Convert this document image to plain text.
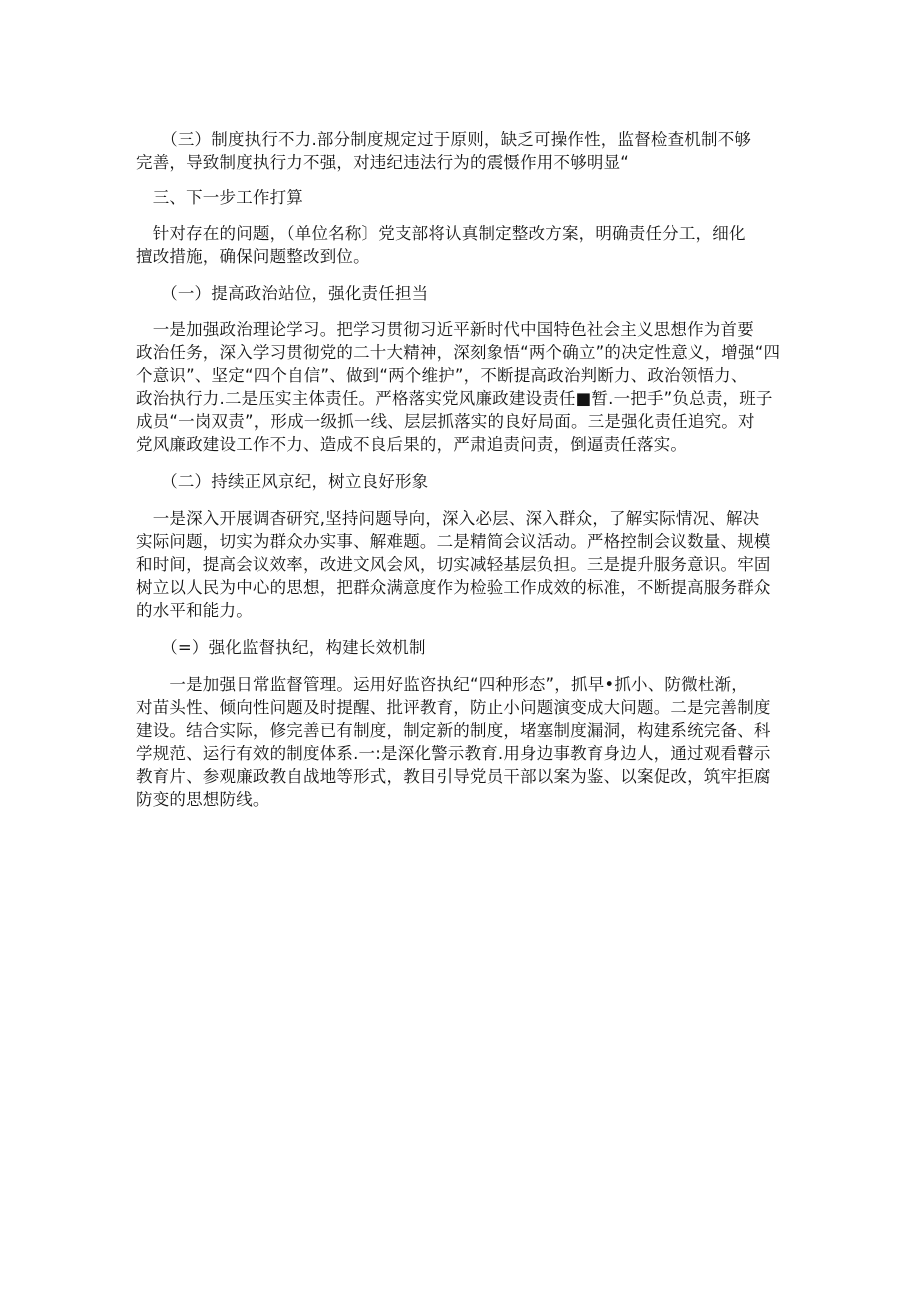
　　（三）制度执行不力.部分制度规定过于原则，缺乏可操作性，监督检查机制不够
完善，导致制度执行力不强，对违纪违法行为的震慑作用不够明显“

　三、下一步工作打算

　针对存在的问题，（单位名称〕党支部将认真制定整改方案，明确责任分工，细化
擅改措施，确保问题整改到位。

　　（一）提高政治站位，强化责任担当

　一是加强政治理论学习。把学习贯彻习近平新时代中国特色社会主义思想作为首要
政治任务，深入学习贯彻党的二十大精神，深刻象悟“两个确立”的决定性意义，增强“四
个意识”、坚定“四个自信”、做到“两个维护”，不断提高政治判断力、政治领悟力、
政治执行力.二是压实主体责任。严格落实党风廉政建设责任■暂.一把手”负总责，班子
成员“一岗双责”，形成一级抓一线、层层抓落实的良好局面。三是强化责任追究。对
党风廉政建设工作不力、造成不良后果的，严肃追责问责，倒逼责任落实。

　　（二）持续正风京纪，树立良好形象

　一是深入开展调杳研究,坚持问题导向，深入必层、深入群众，了解实际情况、解决
实际问题，切实为群众办实事、解难题。二是精简会议活动。严格控制会议数量、规模
和时间，提高会议效率，改进文风会风，切实减轻基层负担。三是提升服务意识。牢固
树立以人民为中心的思想，把群众满意度作为检验工作成效的标准，不断提高服务群众
的水平和能力。

　　（=）强化监督执纪，构建长效机制

　　一是加强日常监督管理。运用好监咨执纪“四种形态”，抓早•抓小、防微杜渐，
对苗头性、倾向性问题及时提醒、批评教育，防止小问题演变成大问题。二是完善制度
建设。结合实际，修完善已有制度，制定新的制度，堵塞制度漏洞，构建系统完备、科
学规范、运行有效的制度体系.一:是深化警示教育.用身边事教育身边人，通过观看瞽示
教育片、参观廉政教自战地等形式，教目引导党员干部以案为鉴、以案促改，筑牢拒腐
防变的思想防线。
